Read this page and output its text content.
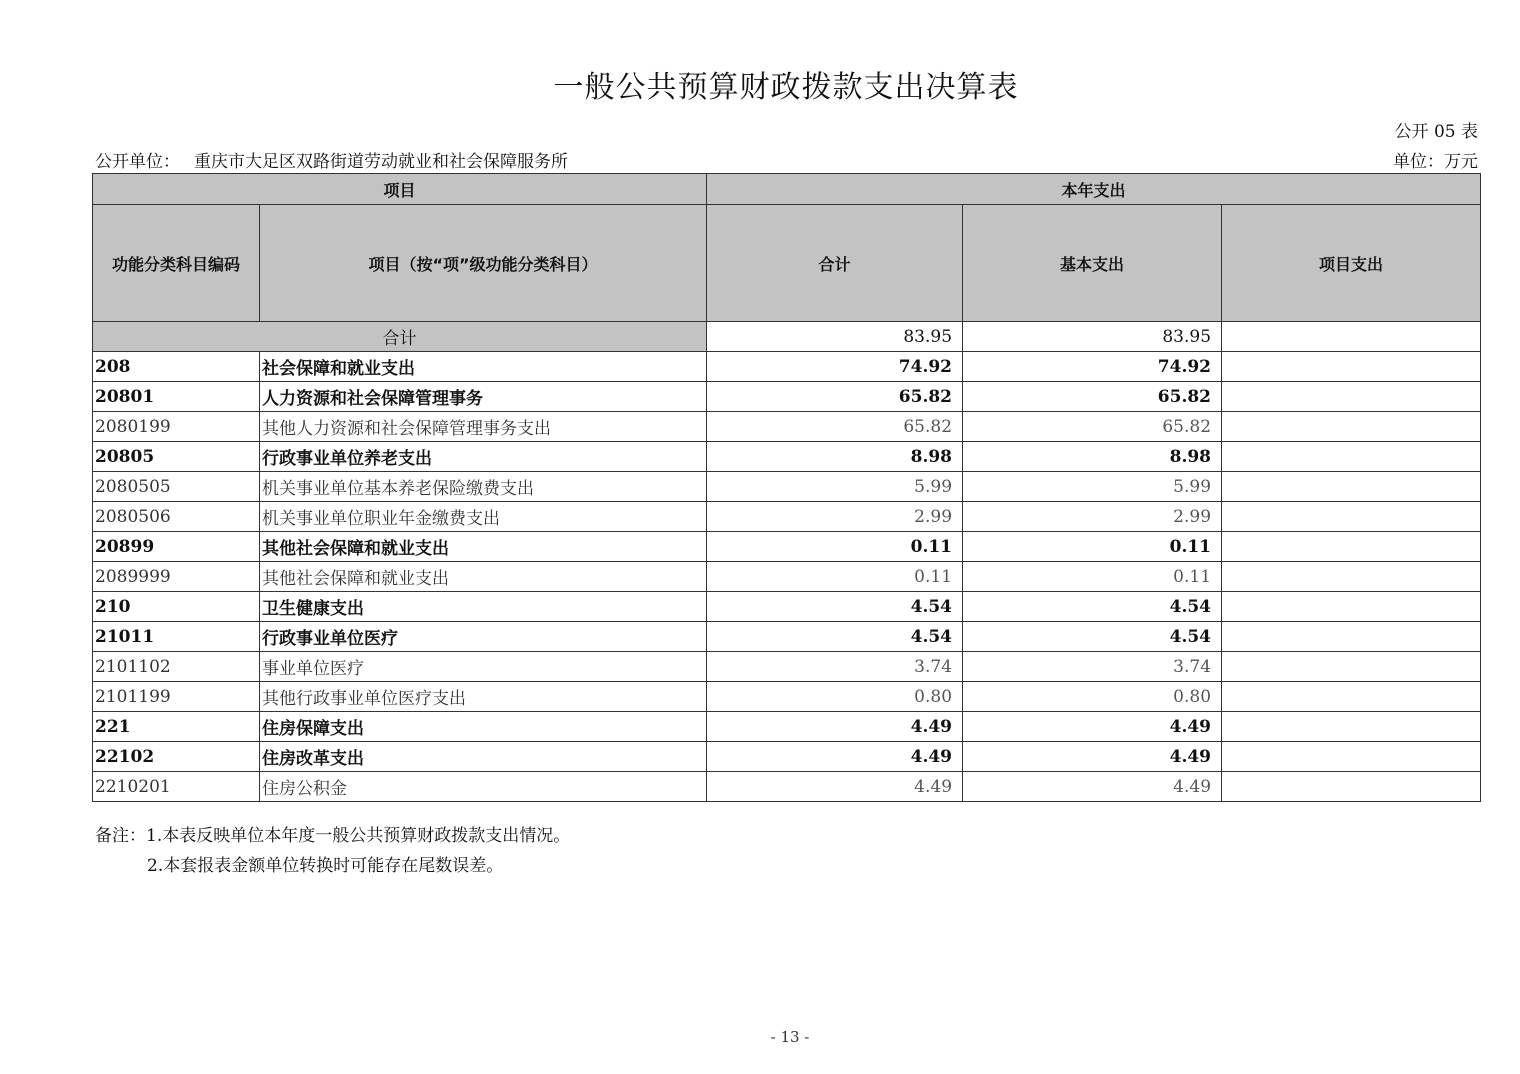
一般公共预算财政拨款支出决算表
公开 05 表
公开单位： 重庆市大足区双路街道劳动就业和社会保障服务所	单位：万元
项目		本年支出		
功能分类科目编码	项目（按“项”级功能分类科目）	合计	基本支出	项目支出
合计		83.95	83.95	
208	社会保障和就业支出	74.92	74.92	
20801	人力资源和社会保障管理事务	65.82	65.82	
2080199	其他人力资源和社会保障管理事务支出	65.82	65.82	
20805	行政事业单位养老支出	8.98	8.98	
2080505	机关事业单位基本养老保险缴费支出	5.99	5.99	
2080506	机关事业单位职业年金缴费支出	2.99	2.99	
20899	其他社会保障和就业支出	0.11	0.11	
2089999	其他社会保障和就业支出	0.11	0.11	
210	卫生健康支出	4.54	4.54	
21011	行政事业单位医疗	4.54	4.54	
2101102	事业单位医疗	3.74	3.74	
2101199	其他行政事业单位医疗支出	0.80	0.80	
221	住房保障支出	4.49	4.49	
22102	住房改革支出	4.49	4.49	
2210201	住房公积金	4.49	4.49	
备注：1.本表反映单位本年度一般公共预算财政拨款支出情况。
2.本套报表金额单位转换时可能存在尾数误差。
- 13 -
